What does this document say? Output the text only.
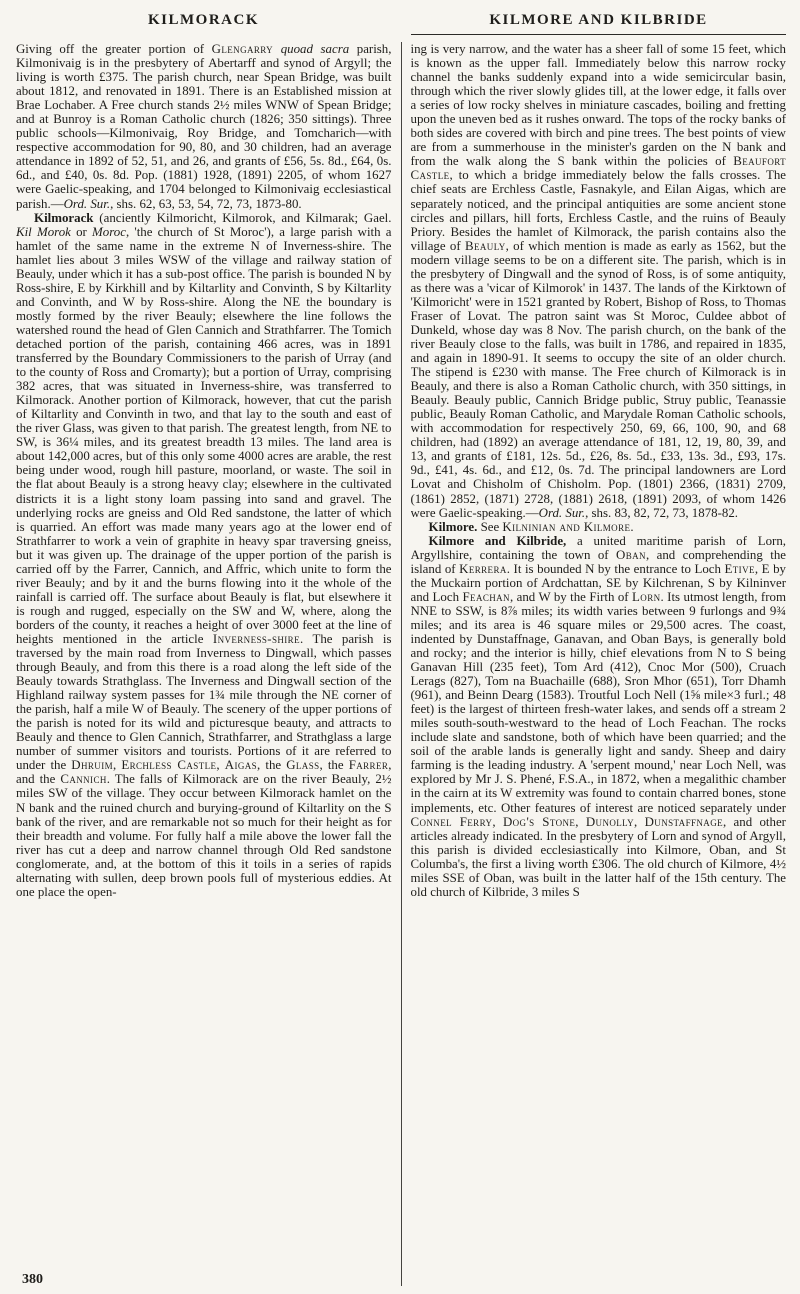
KILMORACK	KILMORE AND KILBRIDE

Giving off the greater portion of Glengarry quoad sacra parish, Kilmonivaig is in the presbytery of Abertarff and synod of Argyll; the living is worth £375. The parish church, near Spean Bridge, was built about 1812, and renovated in 1891. There is an Established mission at Brae Lochaber. A Free church stands 2½ miles WNW of Spean Bridge; and at Bunroy is a Roman Catholic church (1826; 350 sittings). Three public schools—Kilmonivaig, Roy Bridge, and Tomcharich—with respective accommodation for 90, 80, and 30 children, had an average attendance in 1892 of 52, 51, and 26, and grants of £56, 5s. 8d., £64, 0s. 6d., and £40, 0s. 8d. Pop. (1881) 1928, (1891) 2205, of whom 1627 were Gaelic-speaking, and 1704 belonged to Kilmonivaig ecclesiastical parish.—Ord. Sur., shs. 62, 63, 53, 54, 72, 73, 1873-80.

Kilmorack (anciently Kilmoricht, Kilmorok, and Kilmarak; Gael. Kil Morok or Moroc, 'the church of St Moroc'), a large parish with a hamlet of the same name in the extreme N of Inverness-shire. The hamlet lies about 3 miles WSW of the village and railway station of Beauly, under which it has a sub-post office. The parish is bounded N by Ross-shire, E by Kirkhill and by Kiltarlity and Convinth, S by Kiltarlity and Convinth, and W by Ross-shire. Along the NE the boundary is mostly formed by the river Beauly; elsewhere the line follows the watershed round the head of Glen Cannich and Strathfarrer. The Tomich detached portion of the parish, containing 466 acres, was in 1891 transferred by the Boundary Commissioners to the parish of Urray (and to the county of Ross and Cromarty); but a portion of Urray, comprising 382 acres, that was situated in Inverness-shire, was transferred to Kilmorack. Another portion of Kilmorack, however, that cut the parish of Kiltarlity and Convinth in two, and that lay to the south and east of the river Glass, was given to that parish. The greatest length, from NE to SW, is 36¼ miles, and its greatest breadth 13 miles. The land area is about 142,000 acres, but of this only some 4000 acres are arable, the rest being under wood, rough hill pasture, moorland, or waste. The soil in the flat about Beauly is a strong heavy clay; elsewhere in the cultivated districts it is a light stony loam passing into sand and gravel. The underlying rocks are gneiss and Old Red sandstone, the latter of which is quarried. An effort was made many years ago at the lower end of Strathfarrer to work a vein of graphite in heavy spar traversing gneiss, but it was given up. The drainage of the upper portion of the parish is carried off by the Farrer, Cannich, and Affric, which unite to form the river Beauly; and by it and the burns flowing into it the whole of the rainfall is carried off. The surface about Beauly is flat, but elsewhere it is rough and rugged, especially on the SW and W, where, along the borders of the county, it reaches a height of over 3000 feet at the line of heights mentioned in the article Inverness-shire. The parish is traversed by the main road from Inverness to Dingwall, which passes through Beauly, and from this there is a road along the left side of the Beauly towards Strathglass. The Inverness and Dingwall section of the Highland railway system passes for 1¾ mile through the NE corner of the parish, half a mile W of Beauly. The scenery of the upper portions of the parish is noted for its wild and picturesque beauty, and attracts to Beauly and thence to Glen Cannich, Strathfarrer, and Strathglass a large number of summer visitors and tourists. Portions of it are referred to under the Dhruim, Erchless Castle, Aigas, the Glass, the Farrer, and the Cannich. The falls of Kilmorack are on the river Beauly, 2½ miles SW of the village. They occur between Kilmorack hamlet on the N bank and the ruined church and burying-ground of Kiltarlity on the S bank of the river, and are remarkable not so much for their height as for their breadth and volume. For fully half a mile above the lower fall the river has cut a deep and narrow channel through Old Red sandstone conglomerate, and, at the bottom of this it toils in a series of rapids alternating with sullen, deep brown pools full of mysterious eddies. At one place the open-

ing is very narrow, and the water has a sheer fall of some 15 feet, which is known as the upper fall. Immediately below this narrow rocky channel the banks suddenly expand into a wide semicircular basin, through which the river slowly glides till, at the lower edge, it falls over a series of low rocky shelves in miniature cascades, boiling and fretting upon the uneven bed as it rushes onward. The tops of the rocky banks of both sides are covered with birch and pine trees. The best points of view are from a summerhouse in the minister's garden on the N bank and from the walk along the S bank within the policies of Beaufort Castle, to which a bridge immediately below the falls crosses. The chief seats are Erchless Castle, Fasnakyle, and Eilan Aigas, which are separately noticed, and the principal antiquities are some ancient stone circles and pillars, hill forts, Erchless Castle, and the ruins of Beauly Priory. Besides the hamlet of Kilmorack, the parish contains also the village of Beauly, of which mention is made as early as 1562, but the modern village seems to be on a different site. The parish, which is in the presbytery of Dingwall and the synod of Ross, is of some antiquity, as there was a 'vicar of Kilmorok' in 1437. The lands of the Kirktown of 'Kilmoricht' were in 1521 granted by Robert, Bishop of Ross, to Thomas Fraser of Lovat. The patron saint was St Moroc, Culdee abbot of Dunkeld, whose day was 8 Nov. The parish church, on the bank of the river Beauly close to the falls, was built in 1786, and repaired in 1835, and again in 1890-91. It seems to occupy the site of an older church. The stipend is £230 with manse. The Free church of Kilmorack is in Beauly, and there is also a Roman Catholic church, with 350 sittings, in Beauly. Beauly public, Cannich Bridge public, Struy public, Teanassie public, Beauly Roman Catholic, and Marydale Roman Catholic schools, with accommodation for respectively 250, 69, 66, 100, 90, and 68 children, had (1892) an average attendance of 181, 12, 19, 80, 39, and 13, and grants of £181, 12s. 5d., £26, 8s. 5d., £33, 13s. 3d., £93, 17s. 9d., £41, 4s. 6d., and £12, 0s. 7d. The principal landowners are Lord Lovat and Chisholm of Chisholm. Pop. (1801) 2366, (1831) 2709, (1861) 2852, (1871) 2728, (1881) 2618, (1891) 2093, of whom 1426 were Gaelic-speaking.—Ord. Sur., shs. 83, 82, 72, 73, 1878-82.

Kilmore. See Kilninian and Kilmore.

Kilmore and Kilbride, a united maritime parish of Lorn, Argyllshire, containing the town of Oban, and comprehending the island of Kerrera. It is bounded N by the entrance to Loch Etive, E by the Muckairn portion of Ardchattan, SE by Kilchrenan, S by Kilninver and Loch Feachan, and W by the Firth of Lorn. Its utmost length, from NNE to SSW, is 8⅞ miles; its width varies between 9 furlongs and 9¾ miles; and its area is 46 square miles or 29,500 acres. The coast, indented by Dunstaffnage, Ganavan, and Oban Bays, is generally bold and rocky; and the interior is hilly, chief elevations from N to S being Ganavan Hill (235 feet), Tom Ard (412), Cnoc Mor (500), Cruach Lerags (827), Tom na Buachaille (688), Sron Mhor (651), Torr Dhamh (961), and Beinn Dearg (1583). Troutful Loch Nell (1⅝ mile×3 furl.; 48 feet) is the largest of thirteen fresh-water lakes, and sends off a stream 2 miles south-south-westward to the head of Loch Feachan. The rocks include slate and sandstone, both of which have been quarried; and the soil of the arable lands is generally light and sandy. Sheep and dairy farming is the leading industry. A 'serpent mound,' near Loch Nell, was explored by Mr J. S. Phené, F.S.A., in 1872, when a megalithic chamber in the cairn at its W extremity was found to contain charred bones, stone implements, etc. Other features of interest are noticed separately under Connel Ferry, Dog's Stone, Dunolly, Dunstaffnage, and other articles already indicated. In the presbytery of Lorn and synod of Argyll, this parish is divided ecclesiastically into Kilmore, Oban, and St Columba's, the first a living worth £306. The old church of Kilmore, 4½ miles SSE of Oban, was built in the latter half of the 15th century. The old church of Kilbride, 3 miles S

380
